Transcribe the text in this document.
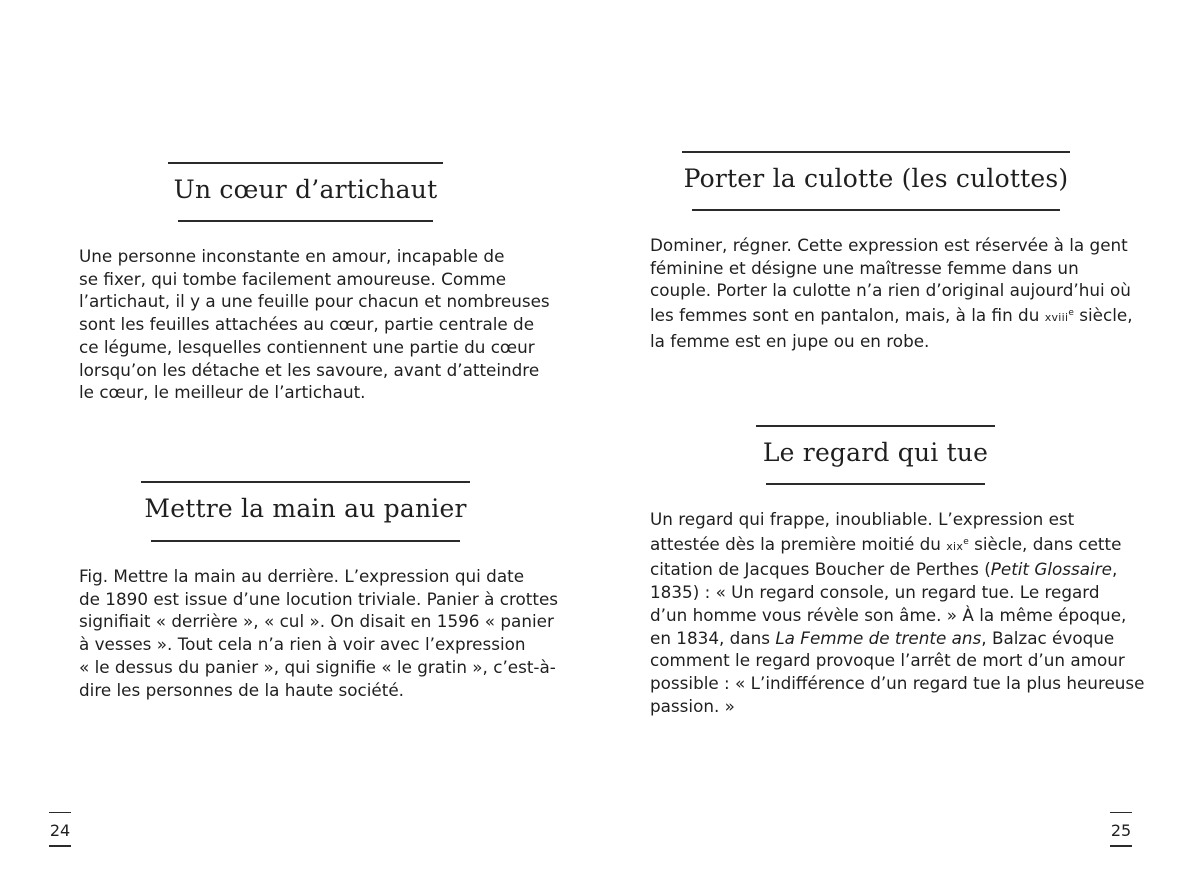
Un cœur d’artichaut

Une personne inconstante en amour, incapable de
se fixer, qui tombe facilement amoureuse. Comme
l’artichaut, il y a une feuille pour chacun et nombreuses
sont les feuilles attachées au cœur, partie centrale de
ce légume, lesquelles contiennent une partie du cœur
lorsqu’on les détache et les savoure, avant d’atteindre
le cœur, le meilleur de l’artichaut.

Mettre la main au panier

Fig. Mettre la main au derrière. L’expression qui date
de 1890 est issue d’une locution triviale. Panier à crottes
signifiait « derrière », « cul ». On disait en 1596 « panier
à vesses ». Tout cela n’a rien à voir avec l’expression
« le dessus du panier », qui signifie « le gratin », c’est-à-
dire les personnes de la haute société.

24
Porter la culotte (les culottes)

Dominer, régner. Cette expression est réservée à la gent
féminine et désigne une maîtresse femme dans un
couple. Porter la culotte n’a rien d’original aujourd’hui où
les femmes sont en pantalon, mais, à la fin du xviii$^e$ siècle,
la femme est en jupe ou en robe.

Le regard qui tue

Un regard qui frappe, inoubliable. L’expression est
attestée dès la première moitié du xix$^e$ siècle, dans cette
citation de Jacques Boucher de Perthes (Petit Glossaire,
1835) : « Un regard console, un regard tue. Le regard
d’un homme vous révèle son âme. » À la même époque,
en 1834, dans La Femme de trente ans, Balzac évoque
comment le regard provoque l’arrêt de mort d’un amour
possible : « L’indifférence d’un regard tue la plus heureuse
passion. »

25
